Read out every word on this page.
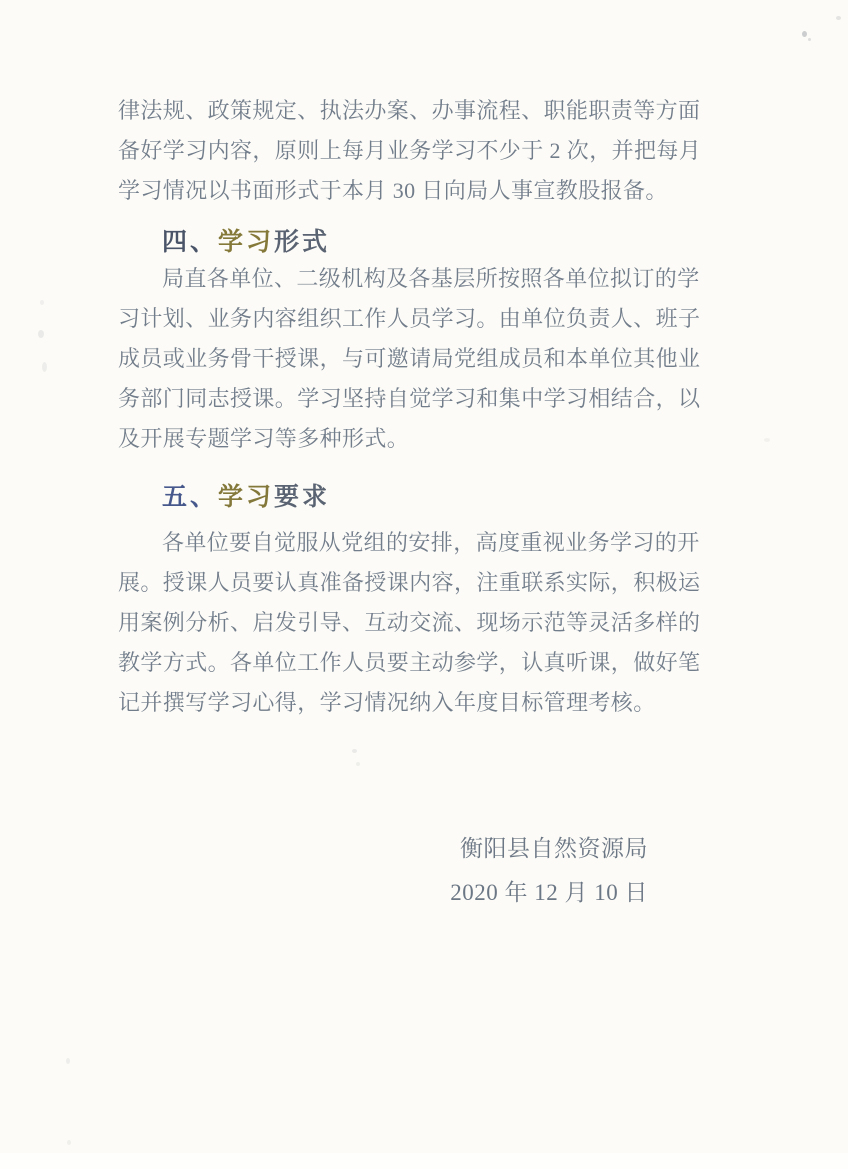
律法规、政策规定、执法办案、办事流程、职能职责等方面
备好学习内容，原则上每月业务学习不少于 2 次，并把每月
学习情况以书面形式于本月 30 日向局人事宣教股报备。
四、学习形式
局直各单位、二级机构及各基层所按照各单位拟订的学
习计划、业务内容组织工作人员学习。由单位负责人、班子
成员或业务骨干授课，与可邀请局党组成员和本单位其他业
务部门同志授课。学习坚持自觉学习和集中学习相结合，以
及开展专题学习等多种形式。
五、学习要求
各单位要自觉服从党组的安排，高度重视业务学习的开
展。授课人员要认真准备授课内容，注重联系实际，积极运
用案例分析、启发引导、互动交流、现场示范等灵活多样的
教学方式。各单位工作人员要主动参学，认真听课，做好笔
记并撰写学习心得，学习情况纳入年度目标管理考核。
衡阳县自然资源局
2020 年 12 月 10 日
